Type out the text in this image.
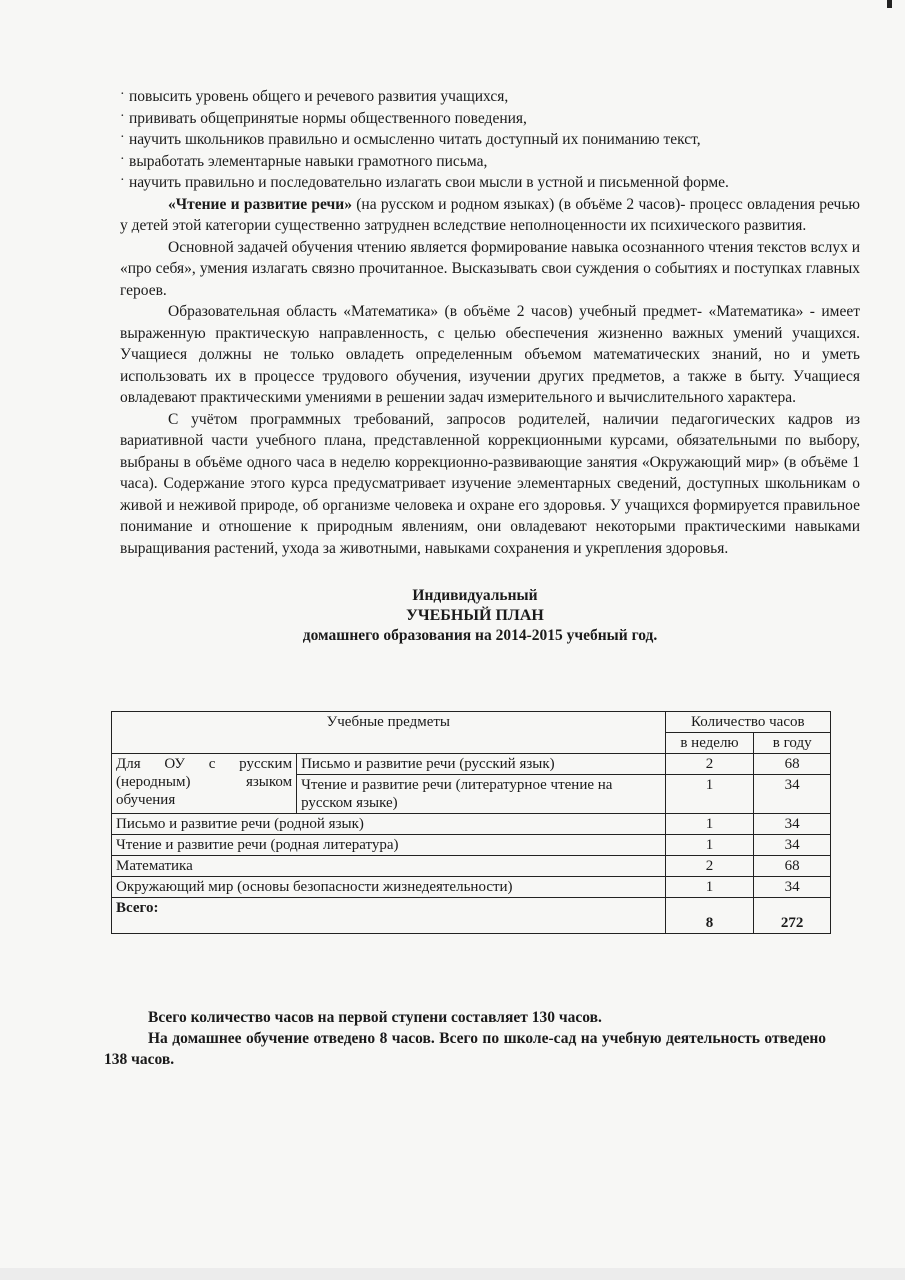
· повысить уровень общего и речевого развития учащихся,
· прививать общепринятые нормы общественного поведения,
· научить школьников правильно и осмысленно читать доступный их пониманию текст,
· выработать элементарные навыки грамотного письма,
· научить правильно и последовательно излагать свои мысли в устной и письменной форме.

«Чтение и развитие речи» (на русском и родном языках) (в объёме 2 часов)- процесс овладения речью у детей этой категории существенно затруднен вследствие неполноценности их психического развития.

Основной задачей обучения чтению является формирование навыка осознанного чтения текстов вслух и «про себя», умения излагать связно прочитанное. Высказывать свои суждения о событиях и поступках главных героев.

Образовательная область «Математика» (в объёме 2 часов) учебный предмет- «Математика» - имеет выраженную практическую направленность, с целью обеспечения жизненно важных умений учащихся. Учащиеся должны не только овладеть определенным объемом математических знаний, но и уметь использовать их в процессе трудового обучения, изучении других предметов, а также в быту. Учащиеся овладевают практическими умениями в решении задач измерительного и вычислительного характера.

С учётом программных требований, запросов родителей, наличии педагогических кадров из вариативной части учебного плана, представленной коррекционными курсами, обязательными по выбору, выбраны в объёме одного часа в неделю коррекционно-развивающие занятия «Окружающий мир» (в объёме 1 часа). Содержание этого курса предусматривает изучение элементарных сведений, доступных школьникам о живой и неживой природе, об организме человека и охране его здоровья. У учащихся формируется правильное понимание и отношение к природным явлениям, они овладевают некоторыми практическими навыками выращивания растений, ухода за животными, навыками сохранения и укрепления здоровья.

Индивидуальный
УЧЕБНЫЙ ПЛАН
домашнего образования на 2014-2015 учебный год.
Учебные предметы		Количество часов	
		в неделю	в году
Для ОУ с русским (неродным) языком обучения	Письмо и развитие речи (русский язык)	2	68
	Чтение и развитие речи (литературное чтение на русском языке)	1	34
Письмо и развитие речи (родной язык)		1	34
Чтение и развитие речи (родная литература)		1	34
Математика		2	68
Окружающий мир (основы безопасности жизнедеятельности)		1	34
Всего:		8	272

Всего количество часов на первой ступени составляет 130 часов.

На домашнее обучение отведено 8 часов. Всего по школе-сад на учебную деятельность отведено 138 часов.
